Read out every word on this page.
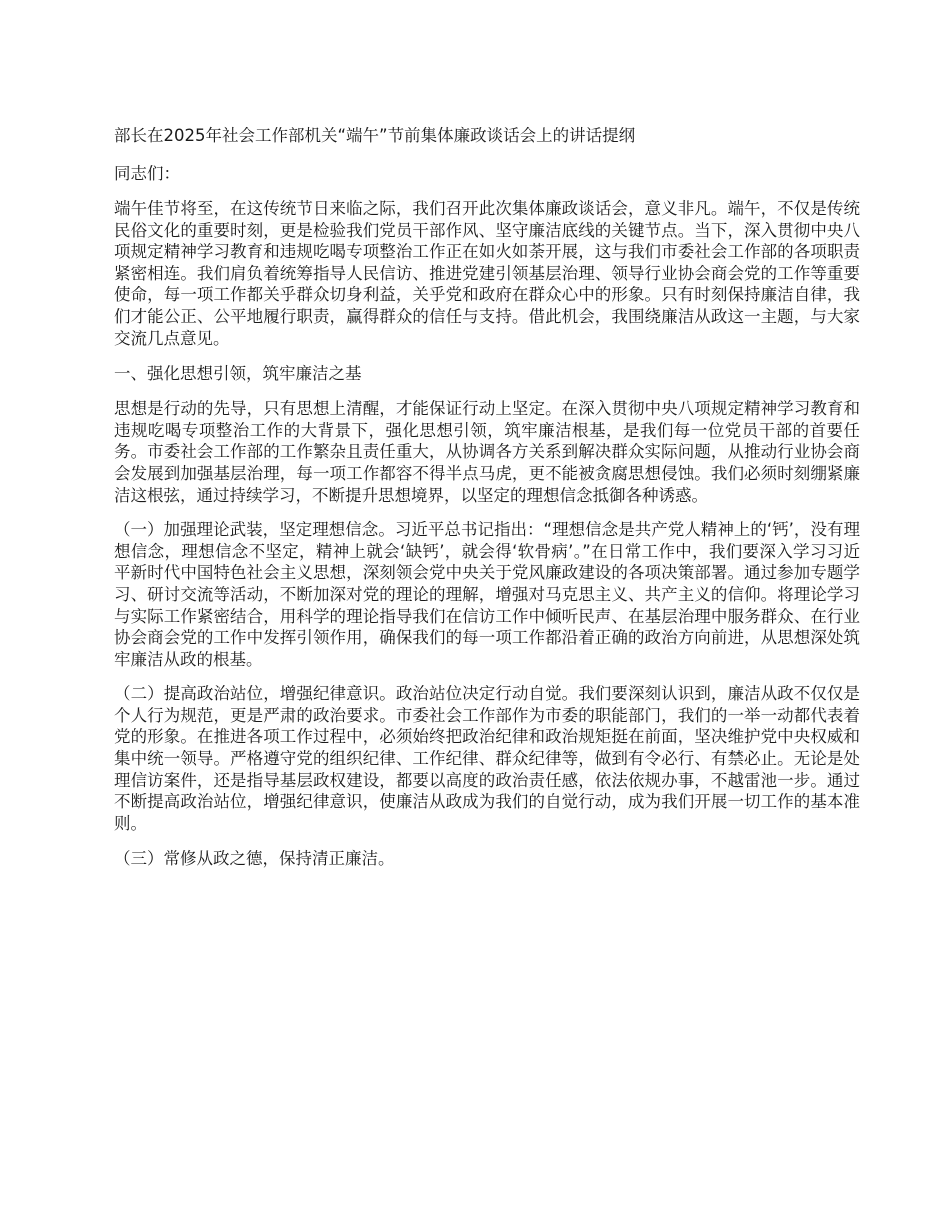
部长在2025年社会工作部机关“端午”节前集体廉政谈话会上的讲话提纲
同志们：
端午佳节将至，在这传统节日来临之际，我们召开此次集体廉政谈话会，意义非凡。端午，不仅是传统民俗文化的重要时刻，更是检验我们党员干部作风、坚守廉洁底线的关键节点。当下，深入贯彻中央八项规定精神学习教育和违规吃喝专项整治工作正在如火如荼开展，这与我们市委社会工作部的各项职责紧密相连。我们肩负着统筹指导人民信访、推进党建引领基层治理、领导行业协会商会党的工作等重要使命，每一项工作都关乎群众切身利益，关乎党和政府在群众心中的形象。只有时刻保持廉洁自律，我们才能公正、公平地履行职责，赢得群众的信任与支持。借此机会，我围绕廉洁从政这一主题，与大家交流几点意见。
一、强化思想引领，筑牢廉洁之基
思想是行动的先导，只有思想上清醒，才能保证行动上坚定。在深入贯彻中央八项规定精神学习教育和违规吃喝专项整治工作的大背景下，强化思想引领，筑牢廉洁根基，是我们每一位党员干部的首要任务。市委社会工作部的工作繁杂且责任重大，从协调各方关系到解决群众实际问题，从推动行业协会商会发展到加强基层治理，每一项工作都容不得半点马虎，更不能被贪腐思想侵蚀。我们必须时刻绷紧廉洁这根弦，通过持续学习，不断提升思想境界，以坚定的理想信念抵御各种诱惑。
（一）加强理论武装，坚定理想信念。习近平总书记指出：“理想信念是共产党人精神上的‘钙’，没有理想信念，理想信念不坚定，精神上就会‘缺钙’，就会得‘软骨病’。”在日常工作中，我们要深入学习习近平新时代中国特色社会主义思想，深刻领会党中央关于党风廉政建设的各项决策部署。通过参加专题学习、研讨交流等活动，不断加深对党的理论的理解，增强对马克思主义、共产主义的信仰。将理论学习与实际工作紧密结合，用科学的理论指导我们在信访工作中倾听民声、在基层治理中服务群众、在行业协会商会党的工作中发挥引领作用，确保我们的每一项工作都沿着正确的政治方向前进，从思想深处筑牢廉洁从政的根基。
（二）提高政治站位，增强纪律意识。政治站位决定行动自觉。我们要深刻认识到，廉洁从政不仅仅是个人行为规范，更是严肃的政治要求。市委社会工作部作为市委的职能部门，我们的一举一动都代表着党的形象。在推进各项工作过程中，必须始终把政治纪律和政治规矩挺在前面，坚决维护党中央权威和集中统一领导。严格遵守党的组织纪律、工作纪律、群众纪律等，做到有令必行、有禁必止。无论是处理信访案件，还是指导基层政权建设，都要以高度的政治责任感，依法依规办事，不越雷池一步。通过不断提高政治站位，增强纪律意识，使廉洁从政成为我们的自觉行动，成为我们开展一切工作的基本准则。
（三）常修从政之德，保持清正廉洁。
